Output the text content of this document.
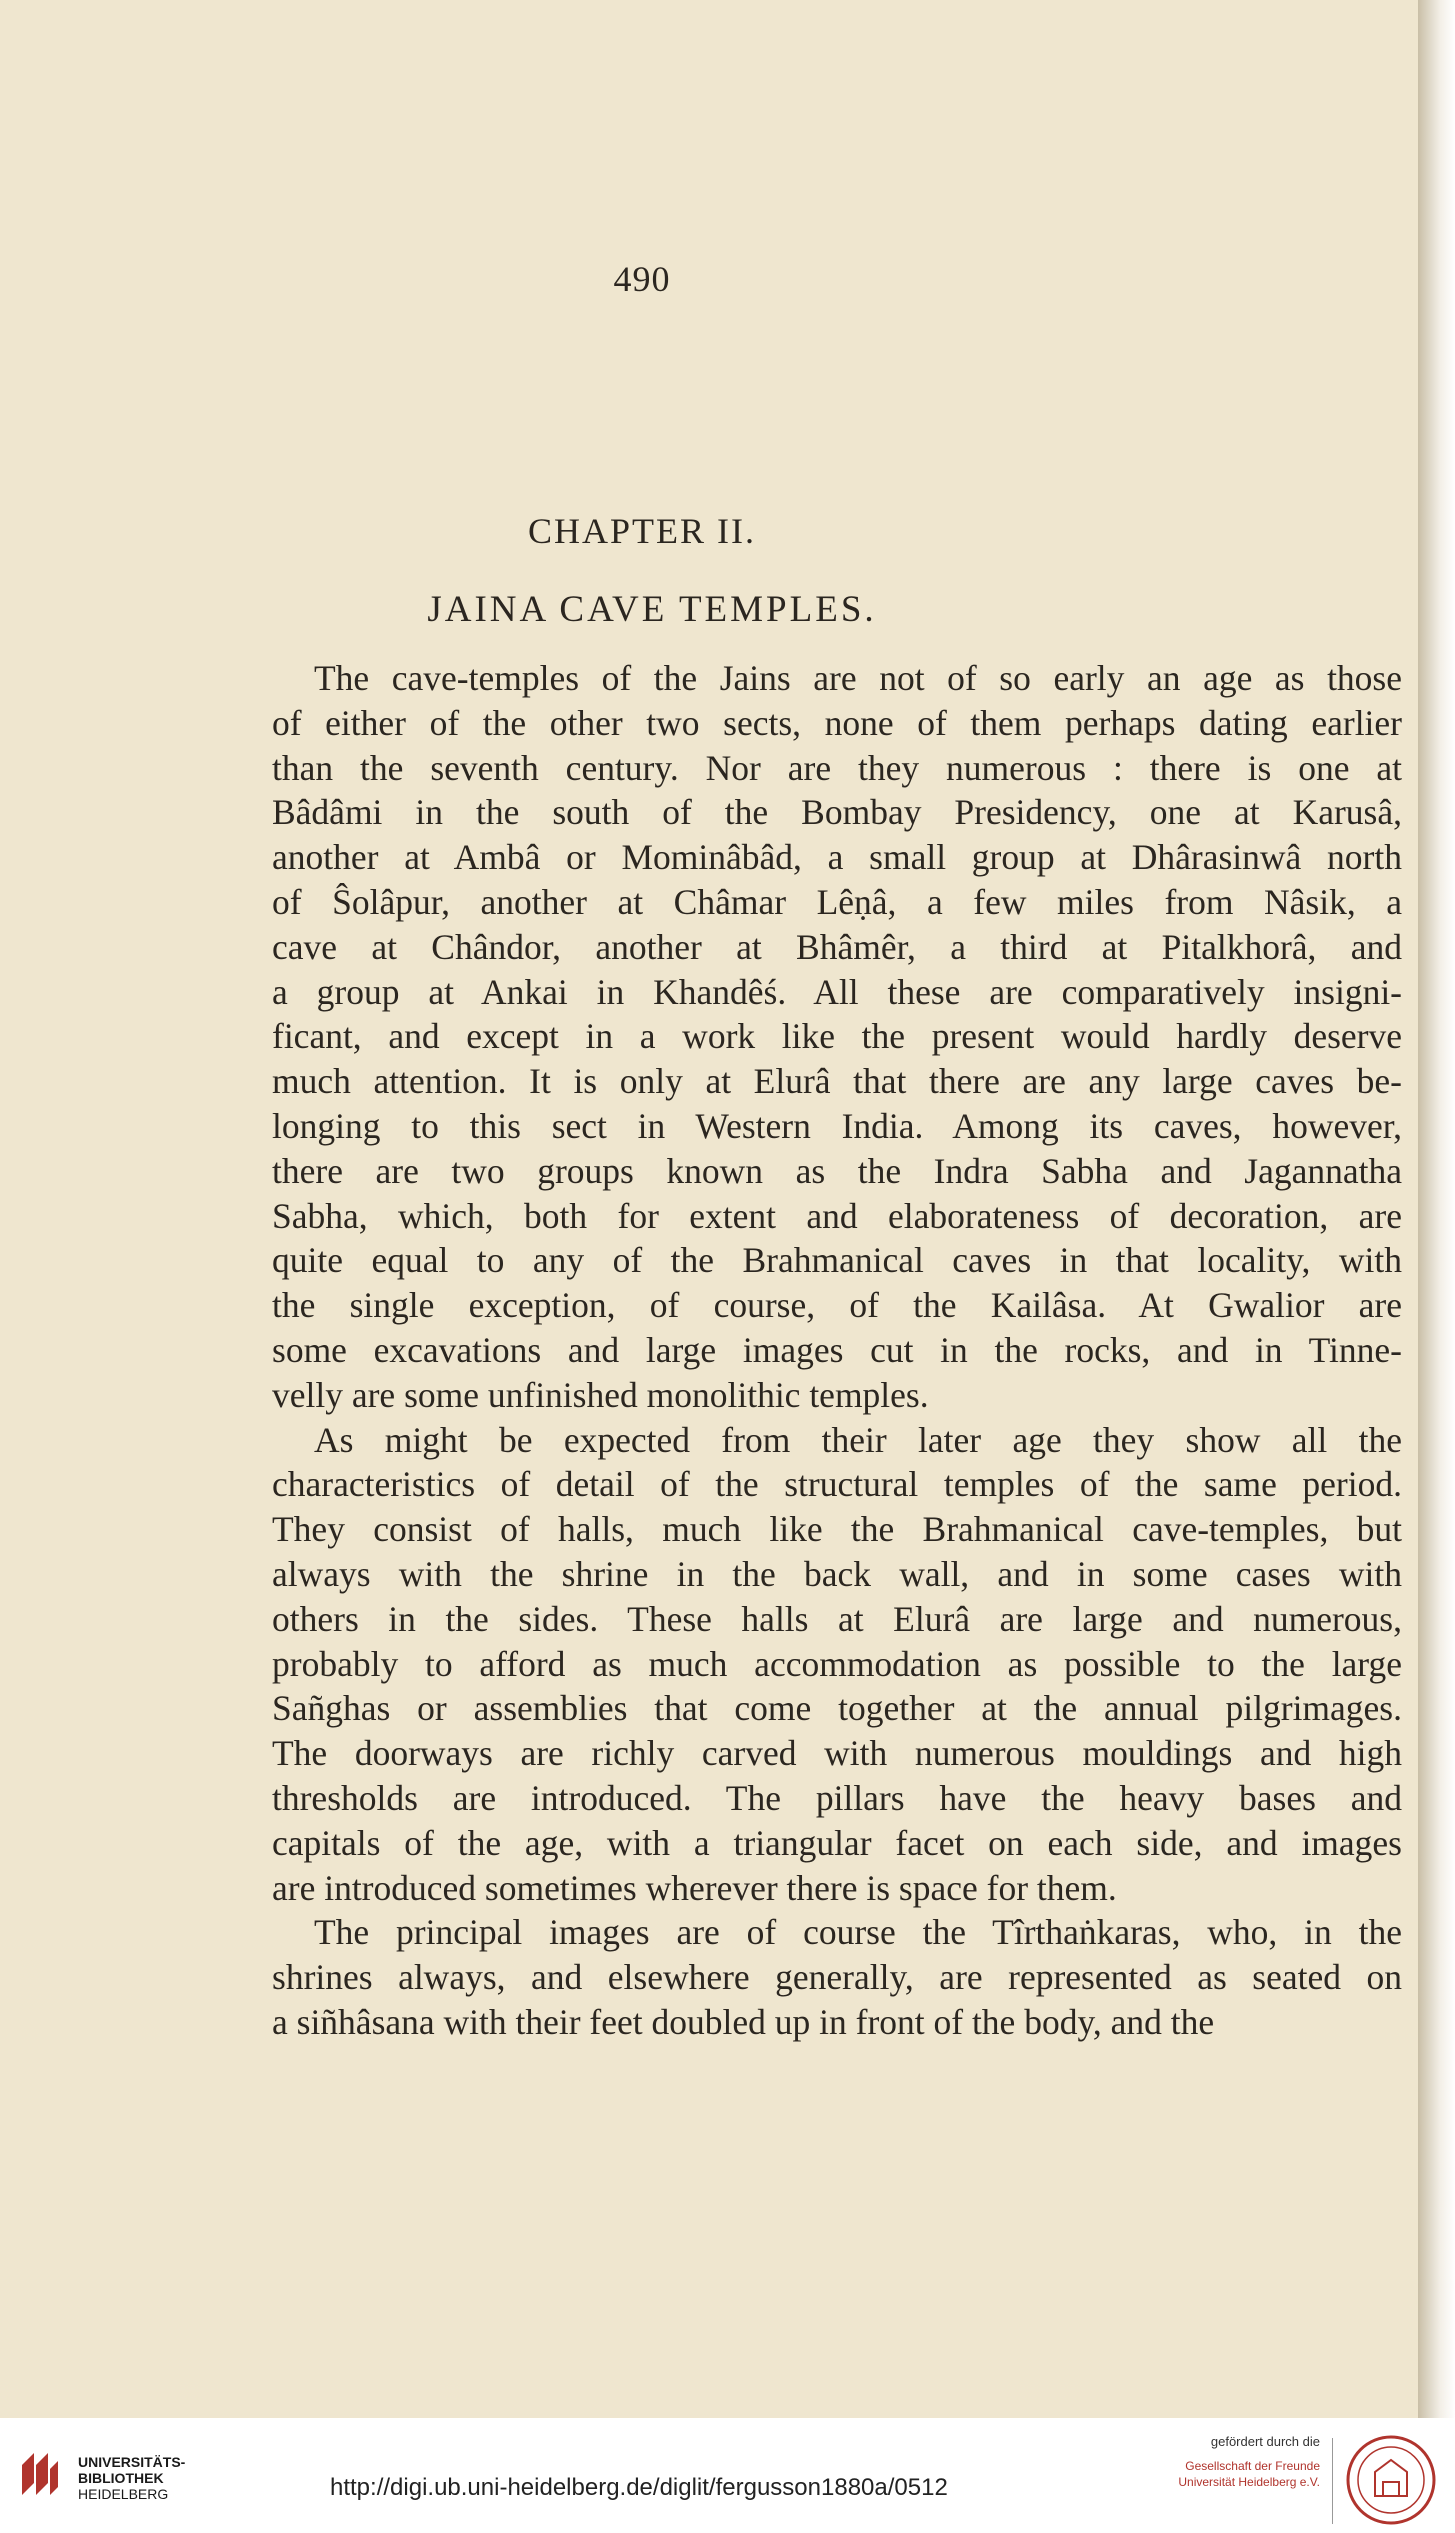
490
CHAPTER II.
JAINA CAVE TEMPLES.

The cave-temples of the Jains are not of so early an age as those
of either of the other two sects, none of them perhaps dating earlier
than the seventh century. Nor are they numerous : there is one at
Bâdâmi in the south of the Bombay Presidency, one at Karusâ,
another at Ambâ or Mominâbâd, a small group at Dhârasinwâ north
of Ŝolâpur, another at Châmar Lêṇâ, a few miles from Nâsik, a
cave at Chândor, another at Bhâmêr, a third at Pitalkhorâ, and
a group at Ankai in Khandêś. All these are comparatively insigni-
ficant, and except in a work like the present would hardly deserve
much attention. It is only at Elurâ that there are any large caves be-
longing to this sect in Western India. Among its caves, however,
there are two groups known as the Indra Sabha and Jagannatha
Sabha, which, both for extent and elaborateness of decoration, are
quite equal to any of the Brahmanical caves in that locality, with
the single exception, of course, of the Kailâsa. At Gwalior are
some excavations and large images cut in the rocks, and in Tinne-
velly are some unfinished monolithic temples.

As might be expected from their later age they show all the
characteristics of detail of the structural temples of the same period.
They consist of halls, much like the Brahmanical cave-temples, but
always with the shrine in the back wall, and in some cases with
others in the sides. These halls at Elurâ are large and numerous,
probably to afford as much accommodation as possible to the large
Sañghas or assemblies that come together at the annual pilgrimages.
The doorways are richly carved with numerous mouldings and high
thresholds are introduced. The pillars have the heavy bases and
capitals of the age, with a triangular facet on each side, and images
are introduced sometimes wherever there is space for them.

The principal images are of course the Tîrthaṅkaras, who, in the
shrines always, and elsewhere generally, are represented as seated on
a siñhâsana with their feet doubled up in front of the body, and the

UNIVERSITÄTS-
BIBLIOTHEK
HEIDELBERG	http://digi.ub.uni-heidelberg.de/diglit/fergusson1880a/0512
gefördert durch die
Gesellschaft der Freunde
Universität Heidelberg e.V.
